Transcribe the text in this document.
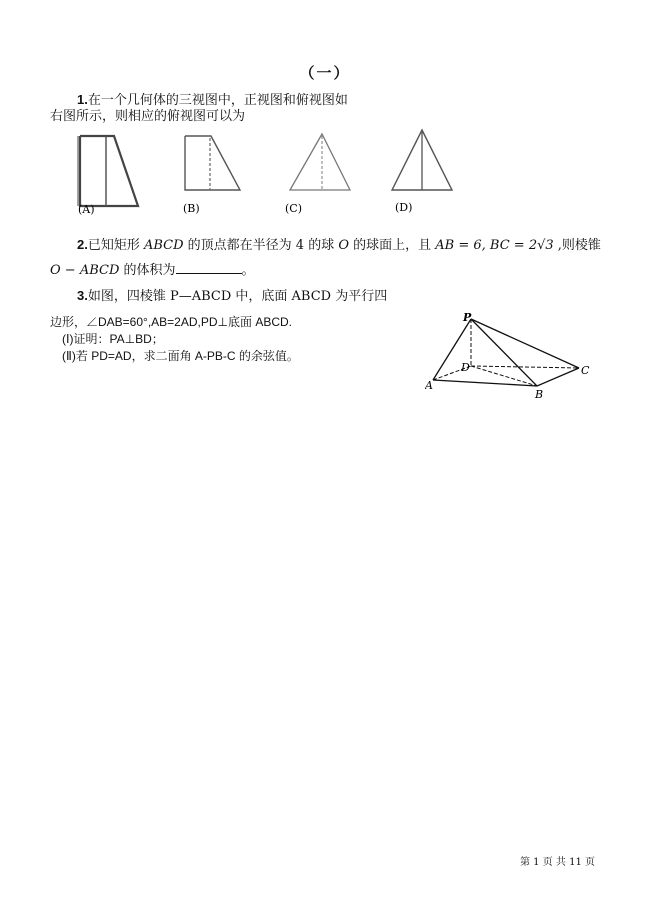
（一）
1.在一个几何体的三视图中，正视图和俯视图如
右图所示，则相应的俯视图可以为
(A)	(B)	(C)	(D)
2.已知矩形 ABCD 的顶点都在半径为 4 的球 O 的球面上，且 AB = 6, BC = 2√3 ,则棱锥
O − ABCD 的体积为	。
3.如图，四棱锥 P—ABCD 中，底面 ABCD 为平行四
边形，∠DAB=60°,AB=2AD,PD⊥底面 ABCD.
(Ⅰ)证明：PA⊥BD；
(Ⅱ)若 PD=AD，求二面角 A-PB-C 的余弦值。
P
D
A
B
C
第 1 页 共 11 页
